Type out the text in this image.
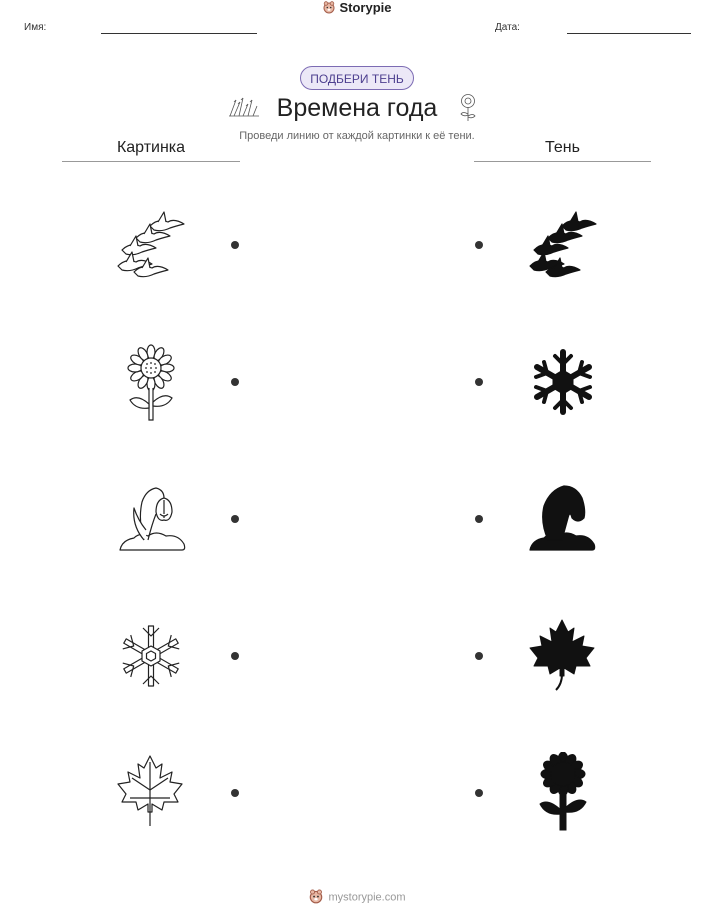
Имя:
Storypie
Дата:
ПОДБЕРИ ТЕНЬ
Времена года
Проведи линию от каждой картинки к её тени.
Картинка	Тень
mystorypie.com
